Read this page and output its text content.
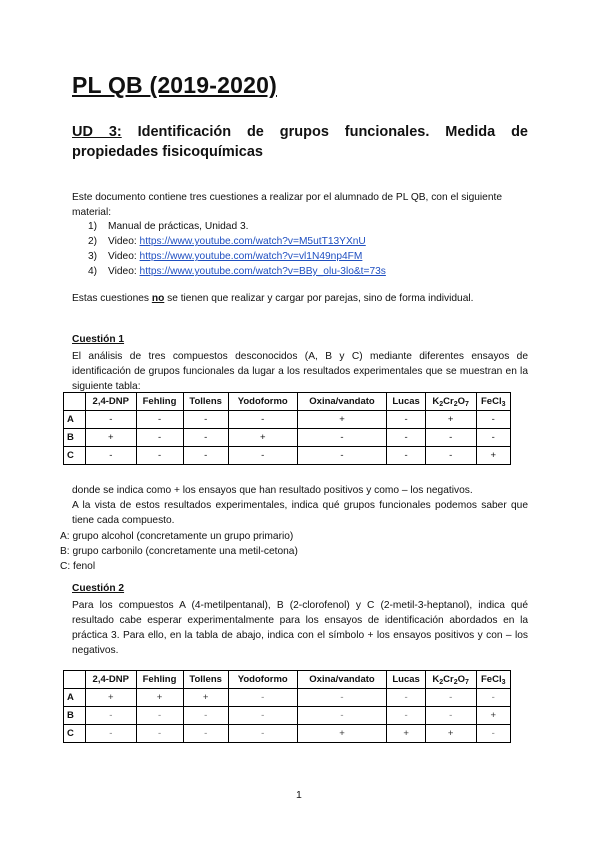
PL QB (2019-2020)

UD 3: Identificación de grupos funcionales. Medida de propiedades fisicoquímicas

Este documento contiene tres cuestiones a realizar por el alumnado de PL QB, con el siguiente
material:
1)	Manual de prácticas, Unidad 3.
2)	Video:
https://www.youtube.com/watch?v=M5utT13YXnU
3)	Video:
https://www.youtube.com/watch?v=vl1N49np4FM
4)	Video:
https://www.youtube.com/watch?v=BBy_olu-3lo&t=73s
Estas cuestiones no se tienen que realizar y cargar por parejas, sino de forma individual.
Cuestión 1
El análisis de tres compuestos desconocidos (A, B y C) mediante diferentes ensayos de identificación de grupos funcionales da lugar a los resultados experimentales que se muestran en la siguiente tabla:
	2,4-DNP	Fehling	Tollens	Yodoformo	Oxina/vandato	Lucas	$K_2Cr_2O_7$	FeCl$_3$
A	-	-	-	-	+	-	+	-
B	+	-	-	+	-	-	-	-
C	-	-	-	-	-	-	-	+
donde se indica como + los ensayos que han resultado positivos y como – los negativos.
A la vista de estos resultados experimentales, indica qué grupos funcionales podemos saber que tiene cada compuesto.
A: grupo alcohol (concretamente un grupo primario)
B: grupo carbonilo (concretamente una metil-cetona)
C: fenol
Cuestión 2
Para los compuestos A (4-metilpentanal), B (2-clorofenol) y C (2-metil-3-heptanol), indica qué resultado cabe esperar experimentalmente para los ensayos de identificación abordados en la práctica 3. Para ello, en la tabla de abajo, indica con el símbolo + los ensayos positivos y con – los negativos.
	2,4-DNP	Fehling	Tollens	Yodoformo	Oxina/vandato	Lucas	$K_2Cr_2O_7$	FeCl$_3$
A	+	+	+	-	-	-	-	-
B	-	-	-	-	-	-	-	+
C	-	-	-	-	+	+	+	-
1
